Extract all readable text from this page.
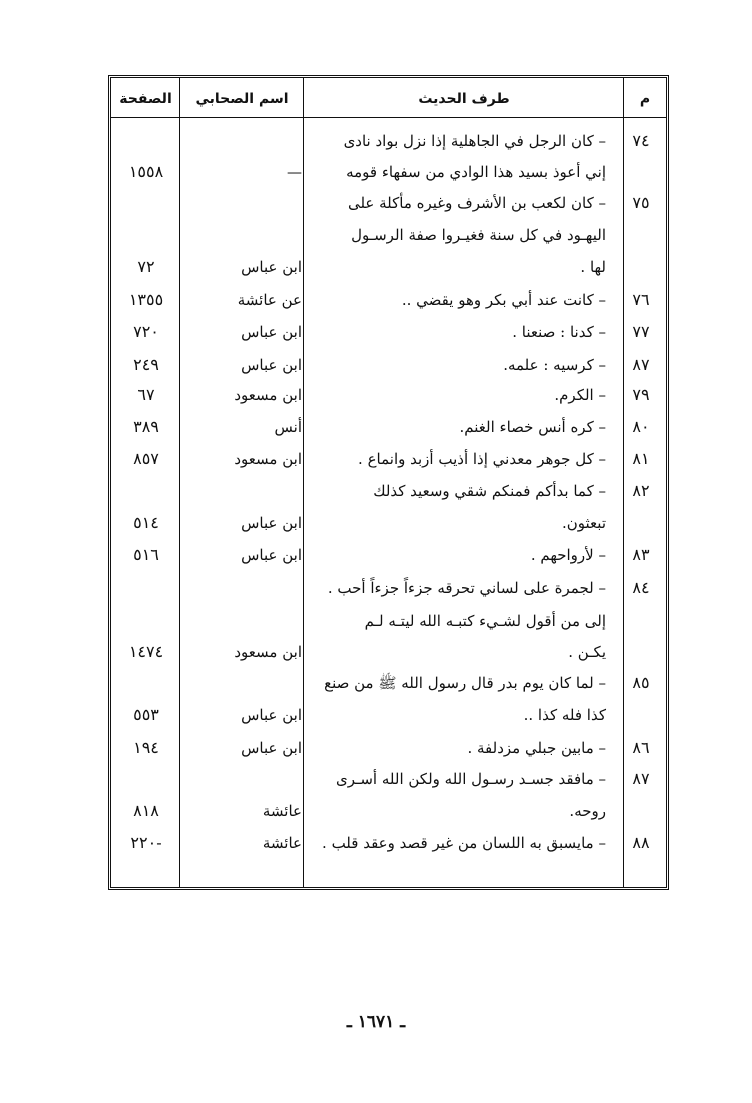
م
طرف الحديث
اسم الصحابي
الصفحة
٧٤
– كان الرجل في الجاهلية إذا نزل بواد نادى
إني أعوذ بسيد هذا الوادي من سفهاء قومه
—
١٥٥٨
٧٥
– كان لكعب بن الأشرف وغيره مأكلة على
اليهـود في كل سنة فغيـروا صفة الرسـول
لها .
ابن عباس
٧٢
٧٦
– كانت عند أبي بكر وهو يقضي ..
عن عائشة
١٣٥٥
٧٧
– كدنا : صنعنا .
ابن عباس
٧٢٠
٨٧
– كرسيه : علمه.
ابن عباس
٢٤٩
٧٩
– الكرم.
ابن مسعود
٦٧
٨٠
– كره أنس خصاء الغنم.
أنس
٣٨٩
٨١
– كل جوهر معدني إذا أذيب أزبد وانماع .
ابن مسعود
٨٥٧
٨٢
– كما بدأكم فمنكم شقي وسعيد كذلك
تبعثون.
ابن عباس
٥١٤
٨٣
– لأرواحهم .
ابن عباس
٥١٦
٨٤
– لجمرة على لساني تحرقه جزءاً جزءاً أحب .
إلى من أقول لشـيء كتبـه الله ليتـه لـم
يكـن .
ابن مسعود
١٤٧٤
٨٥
– لما كان يوم بدر قال رسول الله ﷺ من صنع
كذا فله كذا ..
ابن عباس
٥٥٣
٨٦
– مابين جبلي مزدلفة .
ابن عباس
١٩٤
٨٧
– مافقد جسـد رسـول الله ولكن الله أسـرى
روحه.
عائشة
٨١٨
٨٨
– مايسبق به اللسان من غير قصد وعقد قلب .
عائشة
-٢٢٠
ـ ١٦٧١ ـ
